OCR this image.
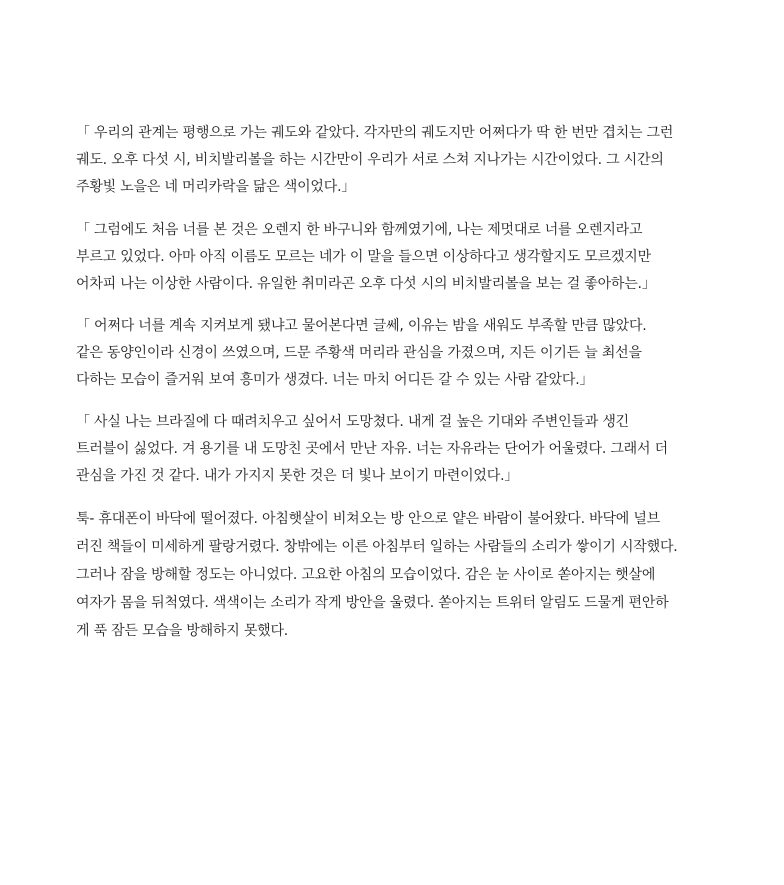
「 우리의 관계는 평행으로 가는 궤도와 같았다. 각자만의 궤도지만 어쩌다가 딱 한 번만 겹치는 그런
궤도. 오후 다섯 시, 비치발리볼을 하는 시간만이 우리가 서로 스쳐 지나가는 시간이었다. 그 시간의
주황빛 노을은 네 머리카락을 닮은 색이었다.」
「 그럼에도 처음 너를 본 것은 오렌지 한 바구니와 함께였기에, 나는 제멋대로 너를 오렌지라고
부르고 있었다. 아마 아직 이름도 모르는 네가 이 말을 들으면 이상하다고 생각할지도 모르겠지만
어차피 나는 이상한 사람이다. 유일한 취미라곤 오후 다섯 시의 비치발리볼을 보는 걸 좋아하는.」
「 어쩌다 너를 계속 지켜보게 됐냐고 물어본다면 글쎄, 이유는 밤을 새워도 부족할 만큼 많았다.
같은 동양인이라 신경이 쓰였으며, 드문 주황색 머리라 관심을 가졌으며, 지든 이기든 늘 최선을
다하는 모습이 즐거워 보여 흥미가 생겼다. 너는 마치 어디든 갈 수 있는 사람 같았다.」
「 사실 나는 브라질에 다 때려치우고 싶어서 도망쳤다. 내게 걸 높은 기대와 주변인들과 생긴
트러블이 싫었다. 겨 용기를 내 도망친 곳에서 만난 자유. 너는 자유라는 단어가 어울렸다. 그래서 더
관심을 가진 것 같다. 내가 가지지 못한 것은 더 빛나 보이기 마련이었다.」
툭- 휴대폰이 바닥에 떨어졌다. 아침햇살이 비쳐오는 방 안으로 얕은 바람이 불어왔다. 바닥에 널브
러진 책들이 미세하게 팔랑거렸다. 창밖에는 이른 아침부터 일하는 사람들의 소리가 쌓이기 시작했다.
그러나 잠을 방해할 정도는 아니었다. 고요한 아침의 모습이었다. 감은 눈 사이로 쏟아지는 햇살에
여자가 몸을 뒤척였다. 색색이는 소리가 작게 방안을 울렸다. 쏟아지는 트위터 알림도 드물게 편안하
게 푹 잠든 모습을 방해하지 못했다.
